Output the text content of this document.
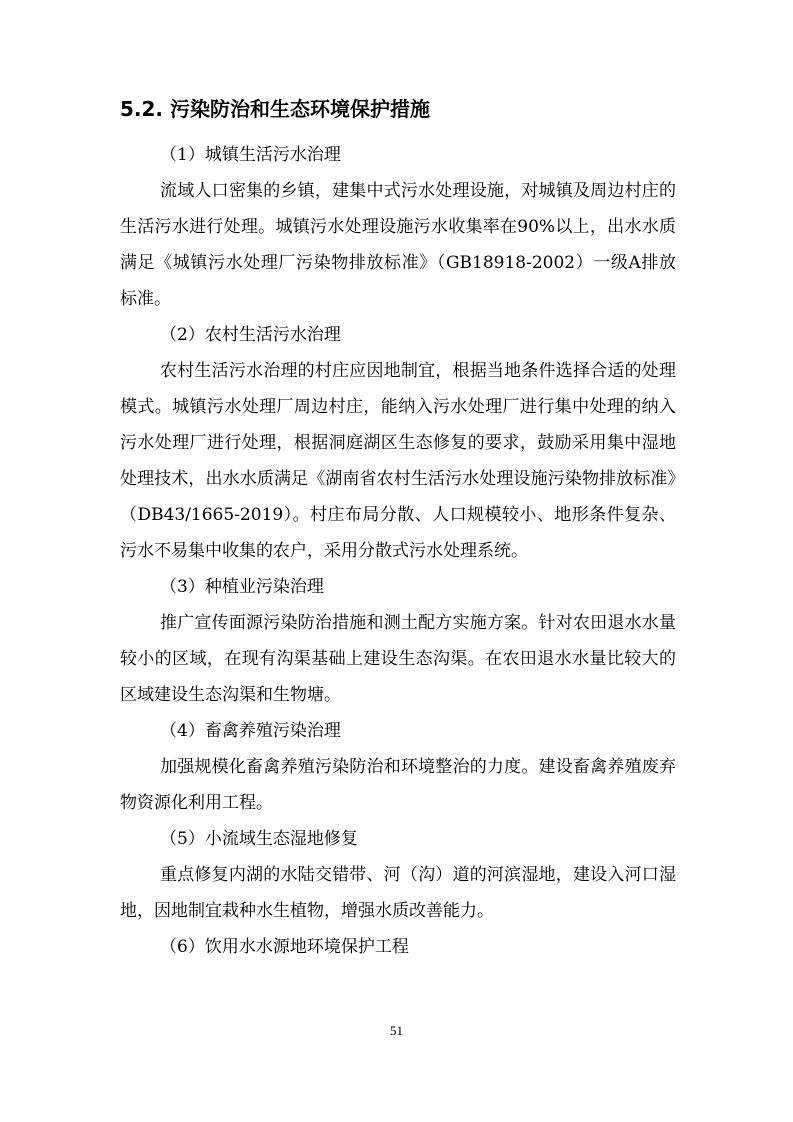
5.2. 污染防治和生态环境保护措施

（1）城镇生活污水治理

流域人口密集的乡镇，建集中式污水处理设施，对城镇及周边村庄的生活污水进行处理。城镇污水处理设施污水收集率在90%以上，出水水质满足《城镇污水处理厂污染物排放标准》（GB18918-2002）一级A排放标准。

（2）农村生活污水治理

农村生活污水治理的村庄应因地制宜，根据当地条件选择合适的处理模式。城镇污水处理厂周边村庄，能纳入污水处理厂进行集中处理的纳入污水处理厂进行处理，根据洞庭湖区生态修复的要求，鼓励采用集中湿地处理技术，出水水质满足《湖南省农村生活污水处理设施污染物排放标准》（DB43/1665-2019）。村庄布局分散、人口规模较小、地形条件复杂、污水不易集中收集的农户，采用分散式污水处理系统。

（3）种植业污染治理

推广宣传面源污染防治措施和测土配方实施方案。针对农田退水水量较小的区域，在现有沟渠基础上建设生态沟渠。在农田退水水量比较大的区域建设生态沟渠和生物塘。

（4）畜禽养殖污染治理

加强规模化畜禽养殖污染防治和环境整治的力度。建设畜禽养殖废弃物资源化利用工程。

（5）小流域生态湿地修复

重点修复内湖的水陆交错带、河（沟）道的河滨湿地，建设入河口湿地，因地制宜栽种水生植物，增强水质改善能力。

（6）饮用水水源地环境保护工程

51
